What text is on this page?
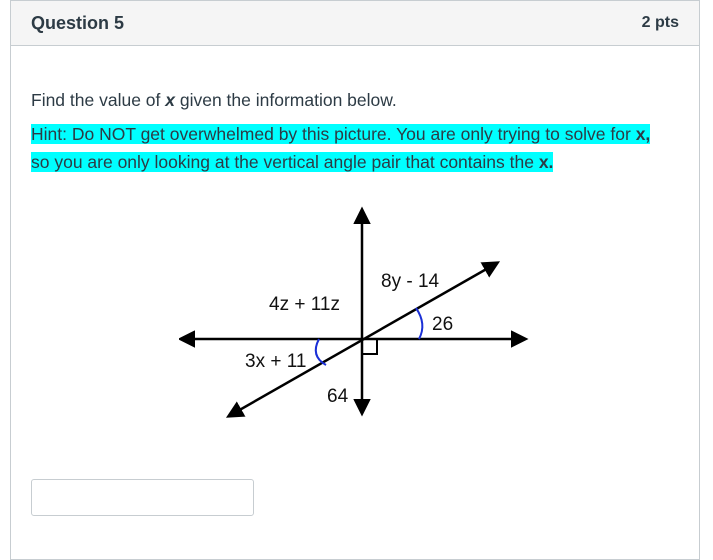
Question 5	2 pts
Find the value of x given the information below.
Hint: Do NOT get overwhelmed by this picture. You are only trying to solve for x, so you are only looking at the vertical angle pair that contains the x.
8y - 14
4z + 11z
26
3x + 11
64
